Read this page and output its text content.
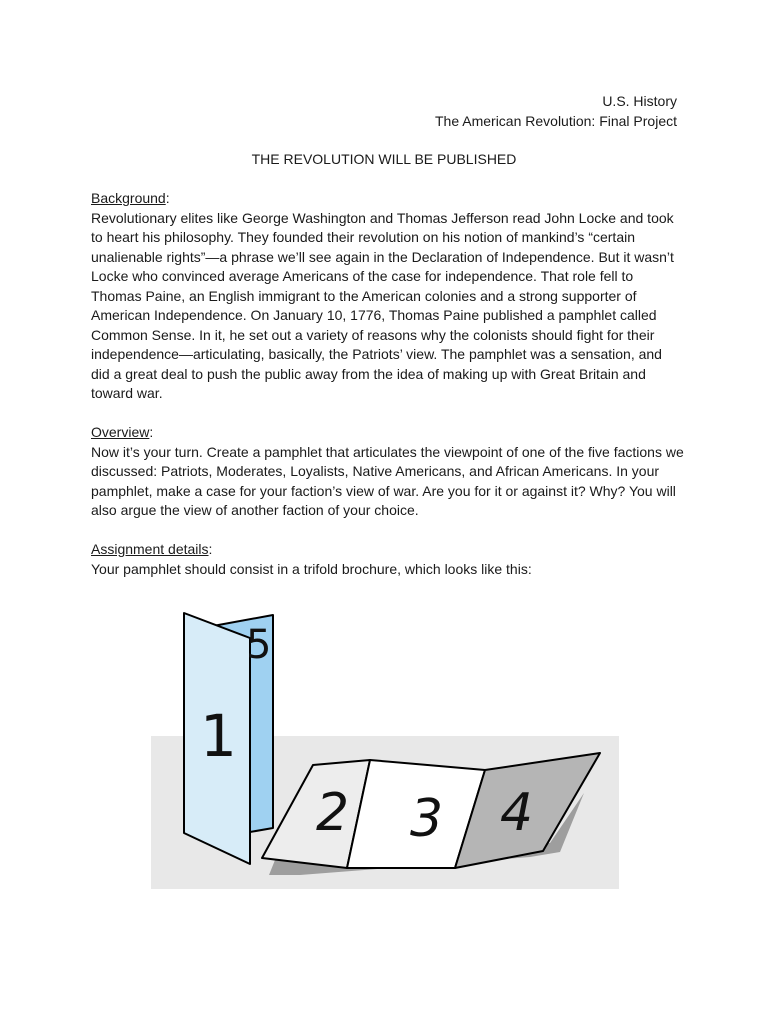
U.S. History
The American Revolution: Final Project
THE REVOLUTION WILL BE PUBLISHED
Background:
Revolutionary elites like George Washington and Thomas Jefferson read John Locke and took
to heart his philosophy. They founded their revolution on his notion of mankind’s “certain
unalienable rights”—a phrase we’ll see again in the Declaration of Independence. But it wasn’t
Locke who convinced average Americans of the case for independence. That role fell to
Thomas Paine, an English immigrant to the American colonies and a strong supporter of
American Independence. On January 10, 1776, Thomas Paine published a pamphlet called
Common Sense. In it, he set out a variety of reasons why the colonists should fight for their
independence—articulating, basically, the Patriots’ view. The pamphlet was a sensation, and
did a great deal to push the public away from the idea of making up with Great Britain and
toward war.
Overview:
Now it’s your turn. Create a pamphlet that articulates the viewpoint of one of the five factions we
discussed: Patriots, Moderates, Loyalists, Native Americans, and African Americans. In your
pamphlet, make a case for your faction’s view of war. Are you for it or against it? Why? You will
also argue the view of another faction of your choice.
Assignment details:
Your pamphlet should consist in a trifold brochure, which looks like this:
5
1
2 3 4
